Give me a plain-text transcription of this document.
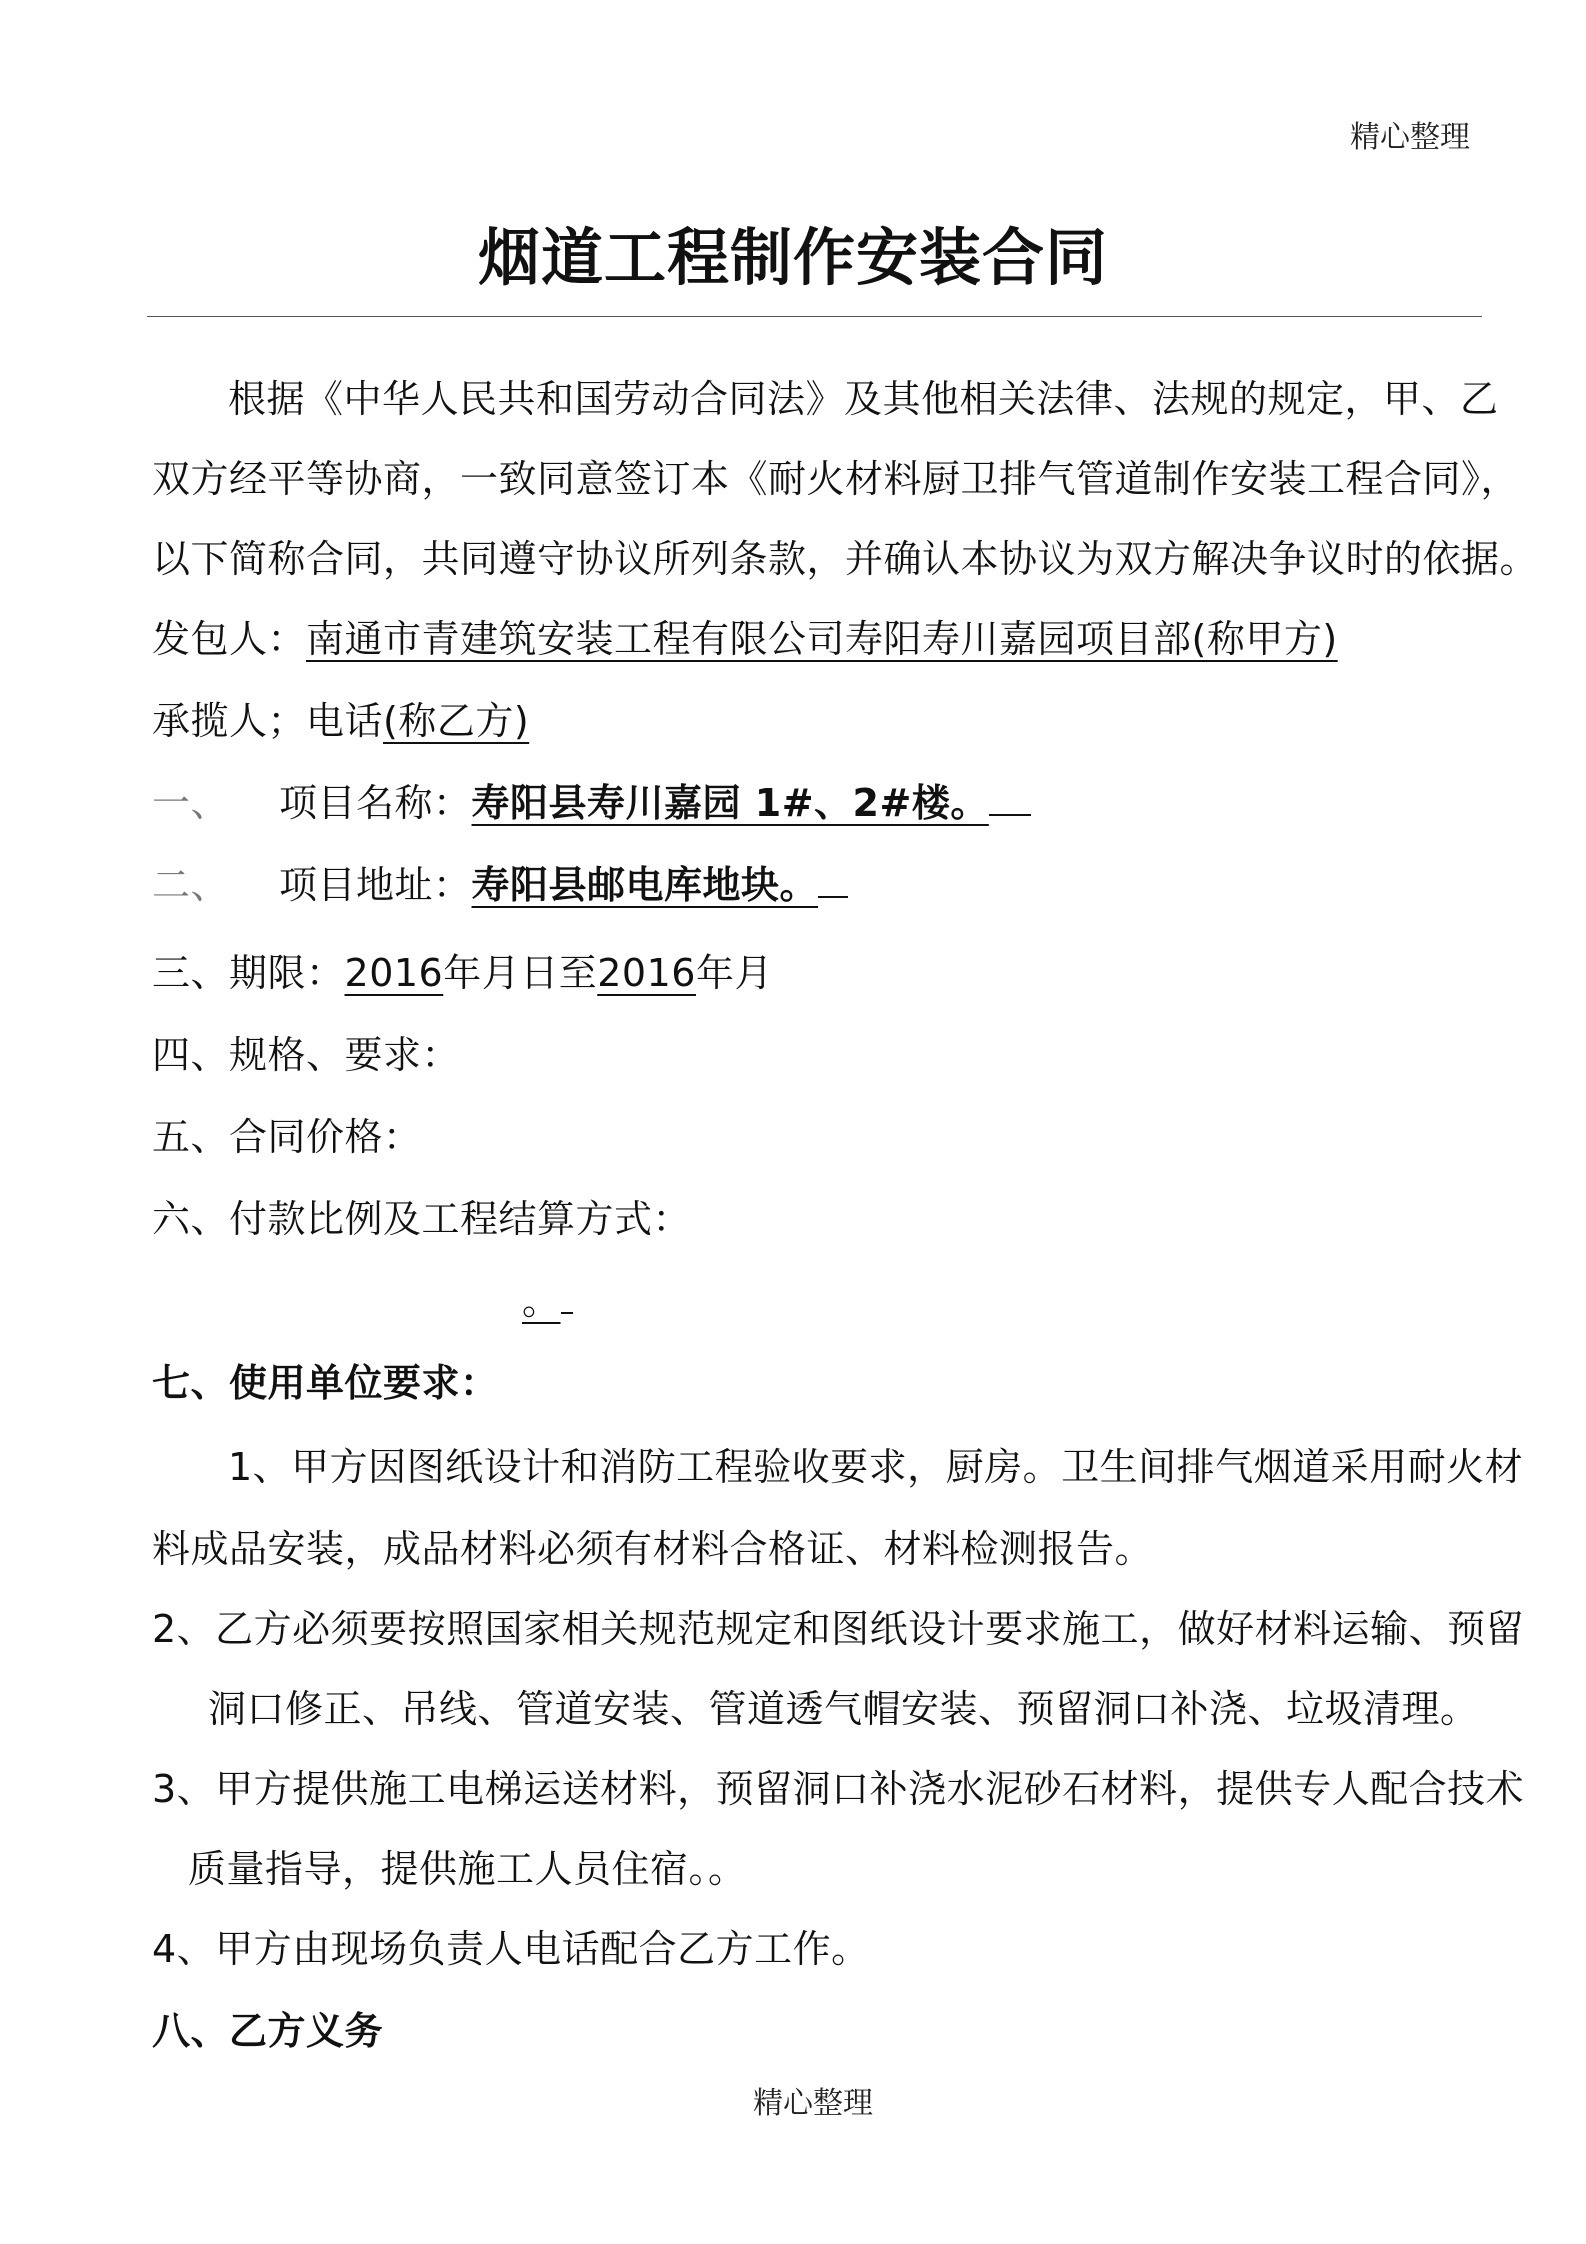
精心整理
烟道工程制作安装合同
根据《中华人民共和国劳动合同法》及其他相关法律、法规的规定，甲、乙
双方经平等协商，一致同意签订本《耐火材料厨卫排气管道制作安装工程合同》，
以下简称合同，共同遵守协议所列条款，并确认本协议为双方解决争议时的依据。
发包人：南通市青建筑安装工程有限公司寿阳寿川嘉园项目部(称甲方)
承揽人；电话(称乙方)
一、 项目名称：寿阳县寿川嘉园 1#、2#楼。
二、 项目地址：寿阳县邮电库地块。
三、期限：2016年月日至2016年月
四、规格、要求：
五、合同价格：
六、付款比例及工程结算方式：
。
七、使用单位要求：
1、甲方因图纸设计和消防工程验收要求，厨房。卫生间排气烟道采用耐火材
料成品安装，成品材料必须有材料合格证、材料检测报告。
2、乙方必须要按照国家相关规范规定和图纸设计要求施工，做好材料运输、预留
洞口修正、吊线、管道安装、管道透气帽安装、预留洞口补浇、垃圾清理。
3、甲方提供施工电梯运送材料，预留洞口补浇水泥砂石材料，提供专人配合技术
质量指导，提供施工人员住宿。。
4、甲方由现场负责人电话配合乙方工作。
八、乙方义务
精心整理
